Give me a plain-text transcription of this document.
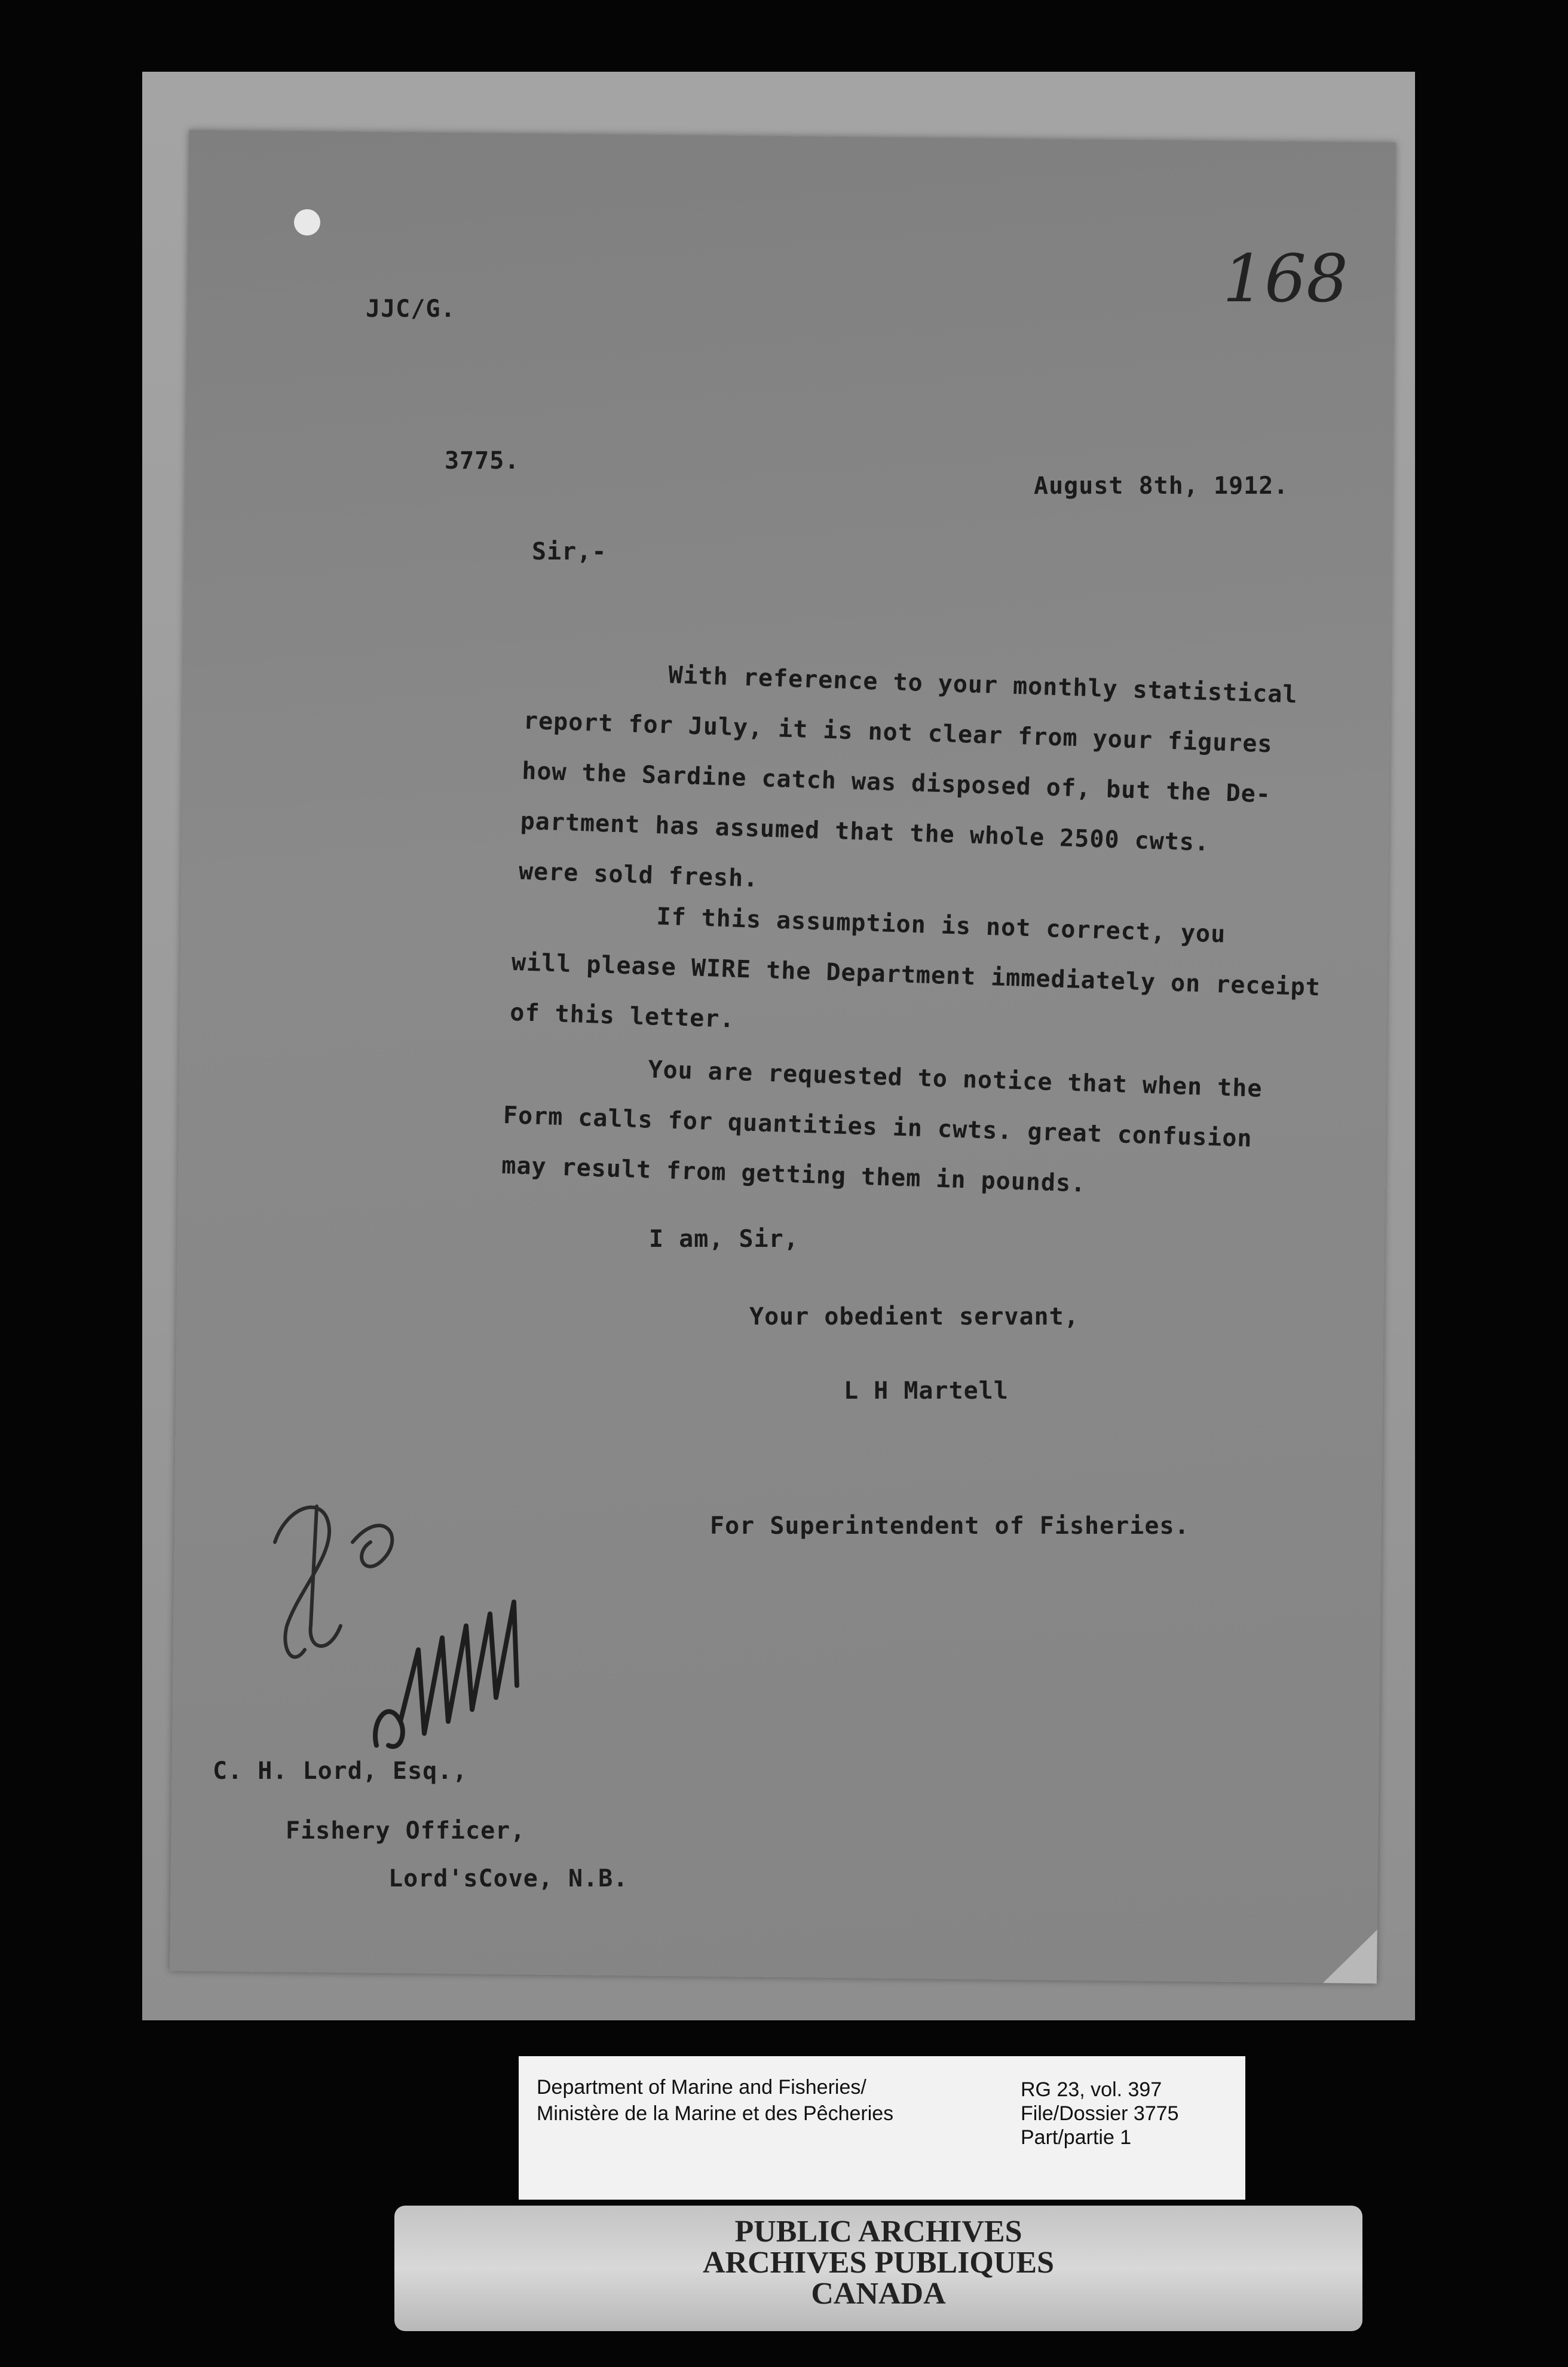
168
JJC/G.
3775.
August 8th, 1912.
Sir,-
With reference to your monthly statistical
report for July, it is not clear from your figures
how the Sardine catch was disposed of, but the De-
partment has assumed that the whole 2500 cwts.
were sold fresh.
If this assumption is not correct, you
will please WIRE the Department immediately on receipt
of this letter.
You are requested to notice that when the
Form calls for quantities in cwts. great confusion
may result from getting them in pounds.
I am, Sir,
Your obedient servant,
L H Martell
For Superintendent of Fisheries.
C. H. Lord, Esq.,
Fishery Officer,
Lord'sCove, N.B.
Department of Marine and Fisheries/
Ministère de la Marine et des Pêcheries
RG 23, vol. 397
File/Dossier 3775
Part/partie 1
PUBLIC ARCHIVES
ARCHIVES PUBLIQUES
CANADA
